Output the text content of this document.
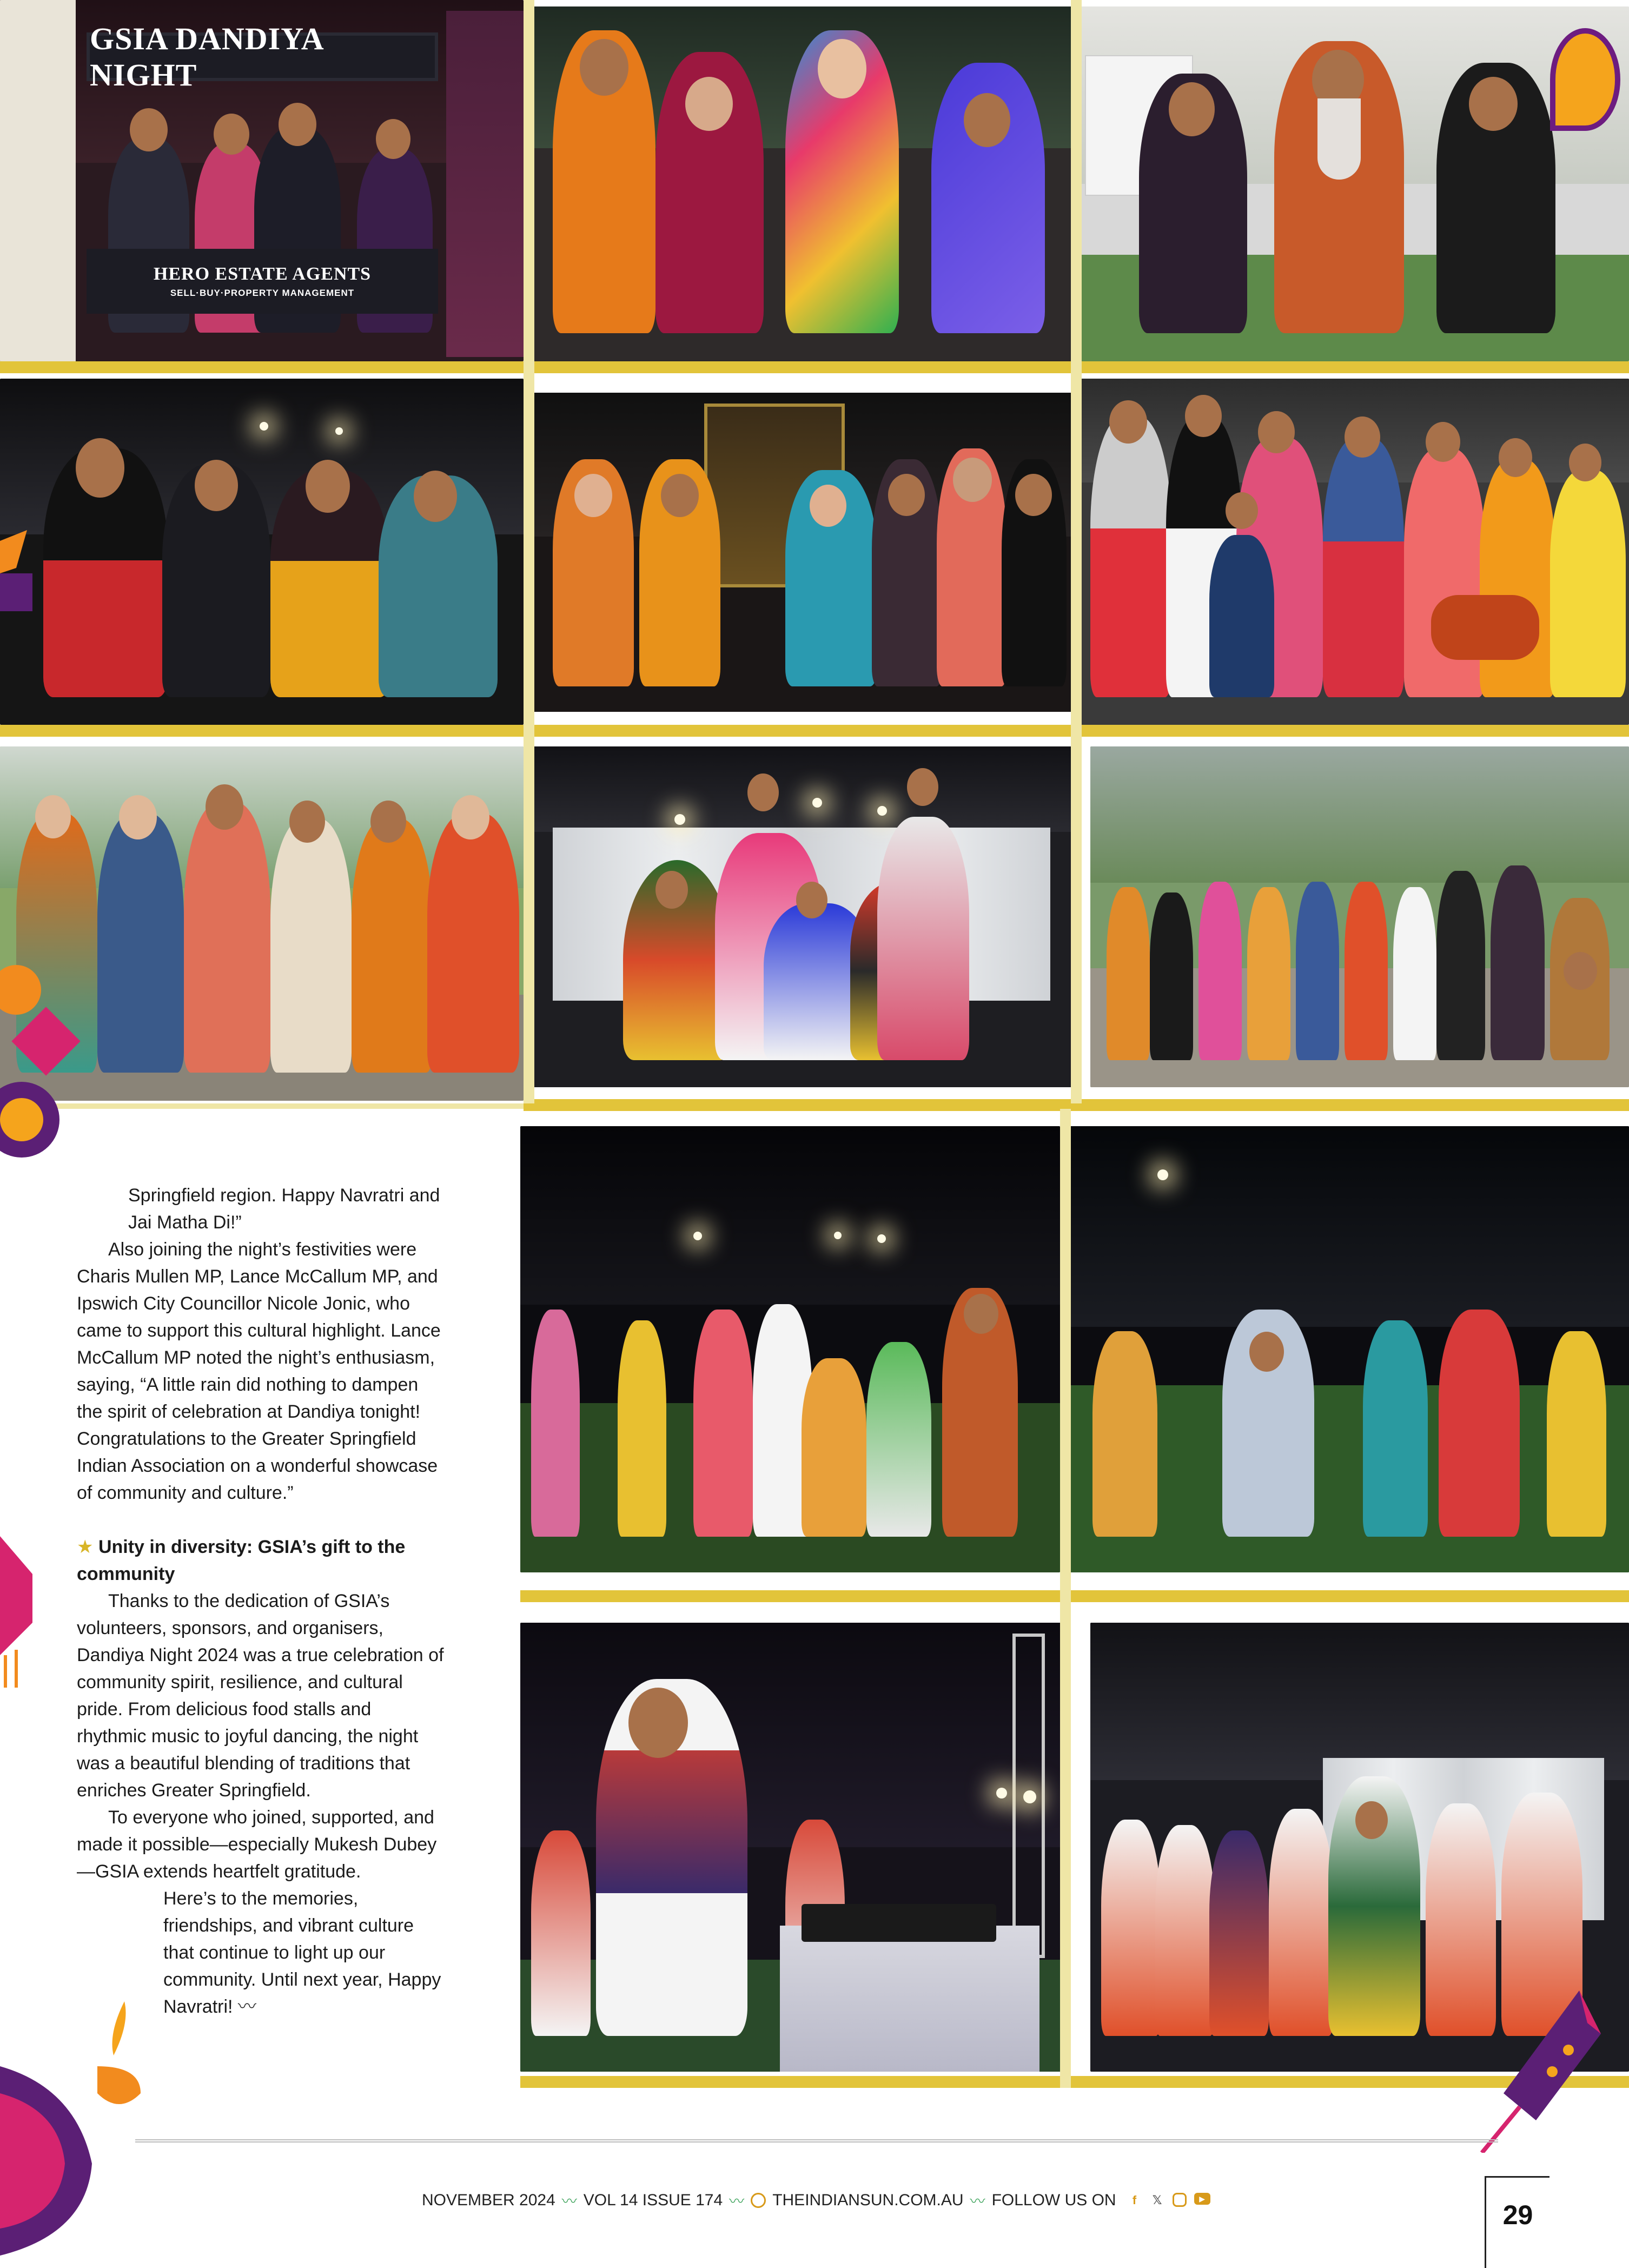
GSIA DANDIYA NIGHT
HERO ESTATE AGENTS
SELL·BUY·PROPERTY MANAGEMENT

Springfield region. Happy Navratri and Jai Matha Di!”

Also joining the night’s festivities were Charis Mullen MP, Lance McCallum MP, and Ipswich City Councillor Nicole Jonic, who came to support this cultural highlight. Lance McCallum MP noted the night’s enthusiasm, saying, “A little rain did nothing to dampen the spirit of celebration at Dandiya tonight! Congratulations to the Greater Springfield Indian Association on a wonderful showcase of community and culture.”

★ Unity in diversity: GSIA’s gift to the community

Thanks to the dedication of GSIA’s volunteers, sponsors, and organisers, Dandiya Night 2024 was a true celebration of community spirit, resilience, and cultural pride. From delicious food stalls and rhythmic music to joyful dancing, the night was a beautiful blending of traditions that enriches Greater Springfield.

To everyone who joined, supported, and made it possible—especially Mukesh Dubey—GSIA extends heartfelt gratitude.

Here’s to the memories, friendships, and vibrant culture that continue to light up our community. Until next year, Happy Navratri! 〰

NOVEMBER 2024 〰 VOL 14 ISSUE 174 〰 THEINDIANSUN.COM.AU 〰 FOLLOW US ON	f	𝕏	▶
29
